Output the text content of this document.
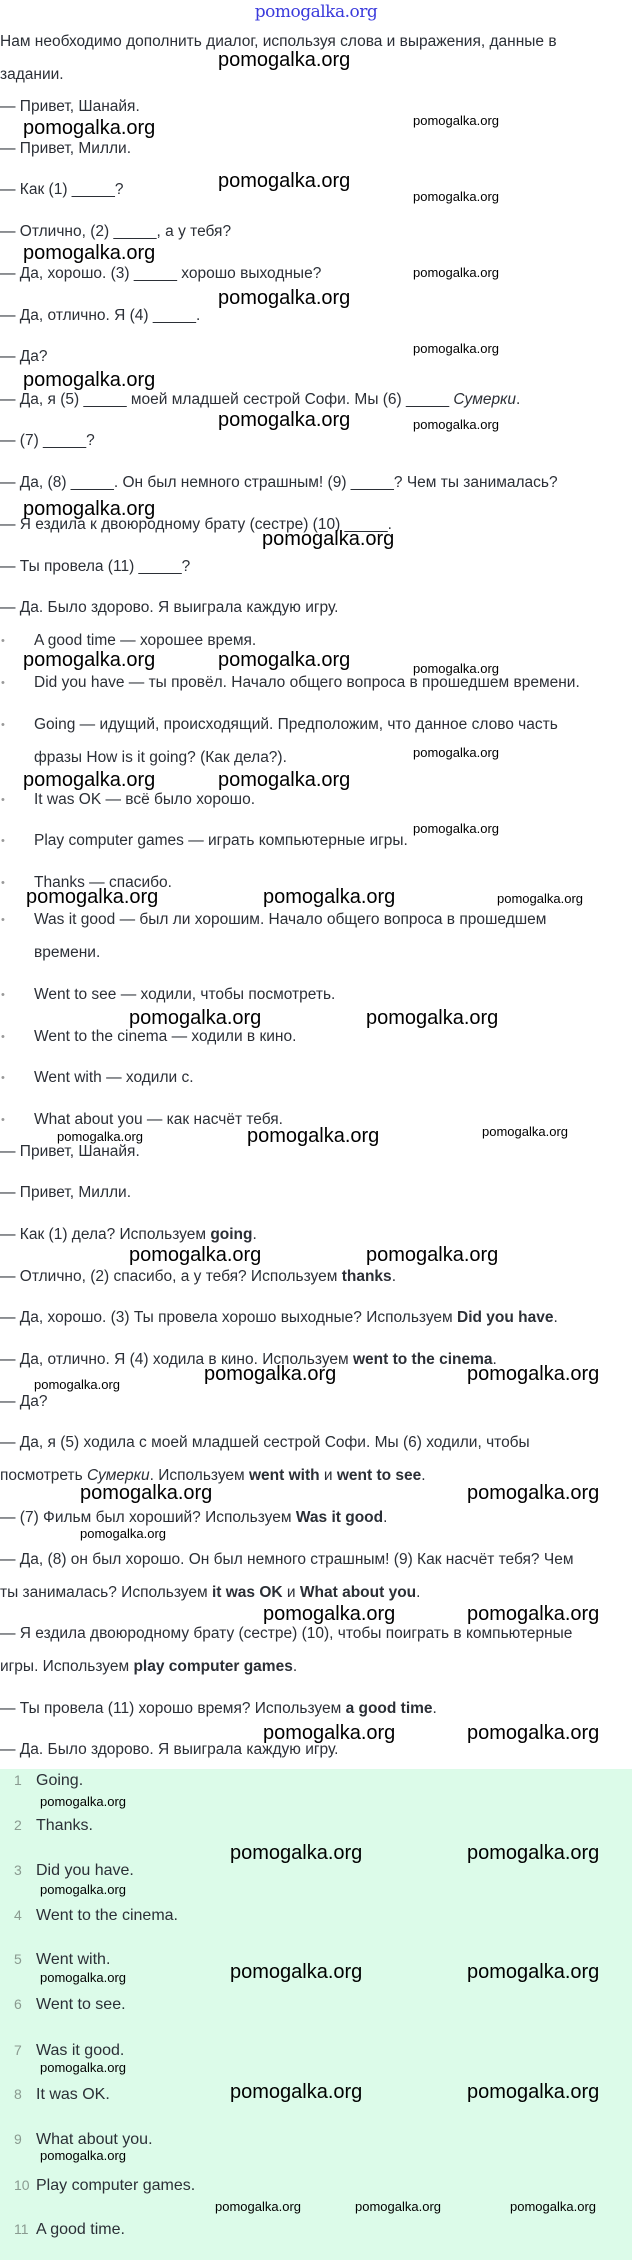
pomogalka.org
Нам необходимо дополнить диалог, используя слова и выражения, данные в
задании.
— Привет, Шанайя.
— Привет, Милли.
— Как (1) _____?
— Отлично, (2) _____, а у тебя?
— Да, хорошо. (3) _____ хорошо выходные?
— Да, отлично. Я (4) _____.
— Да?
— Да, я (5) _____ моей младшей сестрой Софи. Мы (6) _____ Сумерки.
— (7) _____?
— Да, (8) _____. Он был немного страшным! (9) _____? Чем ты занималась?
— Я ездила к двоюродному брату (сестре) (10) _____.
— Ты провела (11) _____?
— Да. Было здорово. Я выиграла каждую игру.
• A good time — хорошее время.
• Did you have — ты провёл. Начало общего вопроса в прошедшем времени.
• Going — идущий, происходящий. Предположим, что данное слово часть
фразы How is it going? (Как дела?).
• It was OK — всё было хорошо.
• Play computer games — играть компьютерные игры.
• Thanks — спасибо.
• Was it good — был ли хорошим. Начало общего вопроса в прошедшем
времени.
• Went to see — ходили, чтобы посмотреть.
• Went to the cinema — ходили в кино.
• Went with — ходили с.
• What about you — как насчёт тебя.
— Привет, Шанайя.
— Привет, Милли.
— Как (1) дела? Используем going.
— Отлично, (2) спасибо, а у тебя? Используем thanks.
— Да, хорошо. (3) Ты провела хорошо выходные? Используем Did you have.
— Да, отлично. Я (4) ходила в кино. Используем went to the cinema.
— Да?
— Да, я (5) ходила с моей младшей сестрой Софи. Мы (6) ходили, чтобы
посмотреть Сумерки. Используем went with и went to see.
— (7) Фильм был хороший? Используем Was it good.
— Да, (8) он был хорошо. Он был немного страшным! (9) Как насчёт тебя? Чем
ты занималась? Используем it was OK и What about you.
— Я ездила двоюродному брату (сестре) (10), чтобы поиграть в компьютерные
игры. Используем play computer games.
— Ты провела (11) хорошо время? Используем a good time.
— Да. Было здорово. Я выиграла каждую игру.
1 Going.
2 Thanks.
3 Did you have.
4 Went to the cinema.
5 Went with.
6 Went to see.
7 Was it good.
8 It was OK.
9 What about you.
10 Play computer games.
11 A good time.
pomogalka.org
pomogalka.org
pomogalka.org
pomogalka.org
pomogalka.org
pomogalka.org
pomogalka.org
pomogalka.org
pomogalka.org
pomogalka.org	pomogalka.org
pomogalka.org	pomogalka.org
pomogalka.org
pomogalka.org
pomogalka.org
pomogalka.org
pomogalka.org
pomogalka.org
pomogalka.org
pomogalka.org
pomogalka.org	pomogalka.org	pomogalka.org
pomogalka.org	pomogalka.org
pomogalka.org	pomogalka.org	pomogalka.org
pomogalka.org	pomogalka.org
pomogalka.org	pomogalka.org	pomogalka.org
pomogalka.org	pomogalka.org
pomogalka.org
pomogalka.org	pomogalka.org
pomogalka.org	pomogalka.org
pomogalka.org
pomogalka.org	pomogalka.org
pomogalka.org
pomogalka.org	pomogalka.org
pomogalka.org
pomogalka.org	pomogalka.org
pomogalka.org
pomogalka.org
pomogalka.org	pomogalka.org	pomogalka.org
